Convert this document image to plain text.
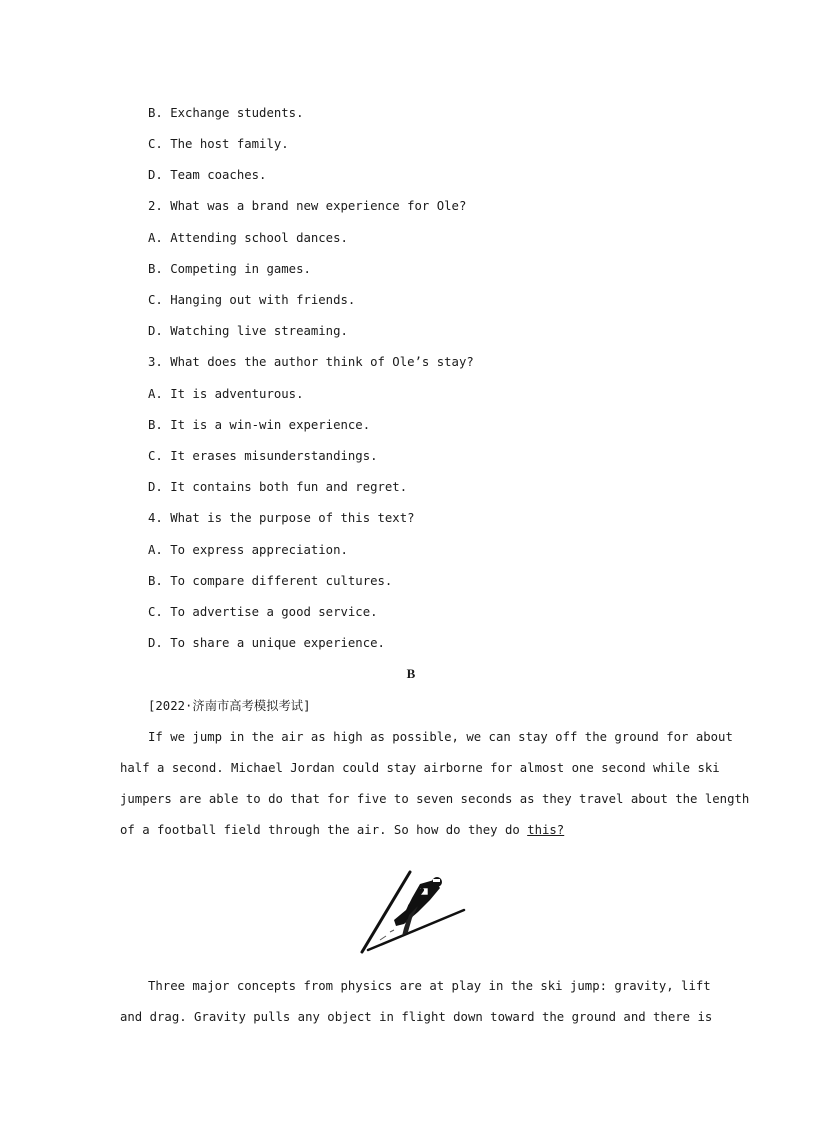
B. Exchange students.
C. The host family.
D. Team coaches.
2. What was a brand new experience for Ole?
A. Attending school dances.
B. Competing in games.
C. Hanging out with friends.
D. Watching live streaming.
3. What does the author think of Ole’s stay?
A. It is adventurous.
B. It is a win-win experience.
C. It erases misunderstandings.
D. It contains both fun and regret.
4. What is the purpose of this text?
A. To express appreciation.
B. To compare different cultures.
C. To advertise a good service.
D. To share a unique experience.
B
[2022·济南市高考模拟考试]
If we jump in the air as high as possible, we can stay off the ground for about
half a second. Michael Jordan could stay airborne for almost one second while ski
jumpers are able to do that for five to seven seconds as they travel about the length
of a football field through the air. So how do they do this?
Three major concepts from physics are at play in the ski jump: gravity, lift
and drag. Gravity pulls any object in flight down toward the ground and there is
